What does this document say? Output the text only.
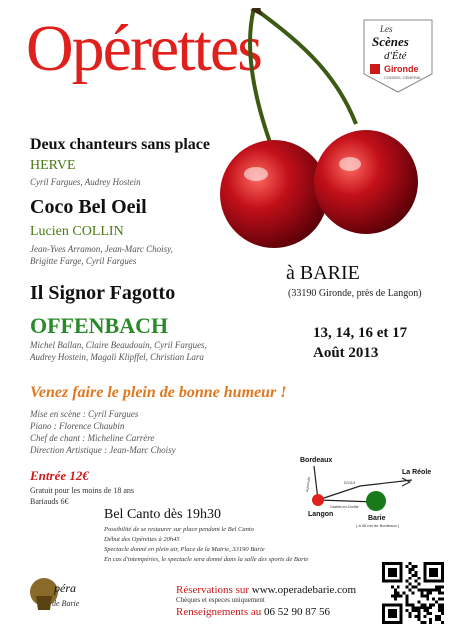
Opérettes	Les
Scènes
d'Été
Gironde
CONSEIL GÉNÉRAL
Deux chanteurs sans place
HERVE
Cyril Fargues, Audrey Hostein
Coco Bel Oeil
Lucien COLLIN
Jean-Yves Arramon, Jean-Marc Choisy,
Brigitte Farge, Cyril Fargues
Il Signor Fagotto
OFFENBACH
Michel Ballan, Claire Beaudouin, Cyril Fargues,
Audrey Hostein, Magali Klipffel, Christian Lara
à BARIE
(33190 Gironde, près de Langon)
13, 14, 16 et 17
Août 2013
Venez faire le plein de bonne humeur !
Mise en scène : Cyril Fargues
Piano : Florence Chaubin
Chef de chant : Micheline Carrère
Direction Artistique : Jean-Marc Choisy
Entrée 12€
Gratuit pour les moins de 18 ans
Bariauds 6€
Bel Canto dès 19h30
Possibilité de se restaurer sur place pendant le Bel Canto
Début des Opérettes à 20h45
Spectacle donné en plein air, Place de la Mairie, 33190 Barie
En cas d'intempéries, le spectacle sera donné dans la salle des sports de Barie
Bordeaux
La Réole
Langon
Barie
( à 45 mn de Bordeaux )
D1113
Castets-en-Dorthe
Autoroute
péra
de Barie
Réservations sur www.operadebarie.com
Chèques et especes uniquement
Renseignements au 06 52 90 87 56
